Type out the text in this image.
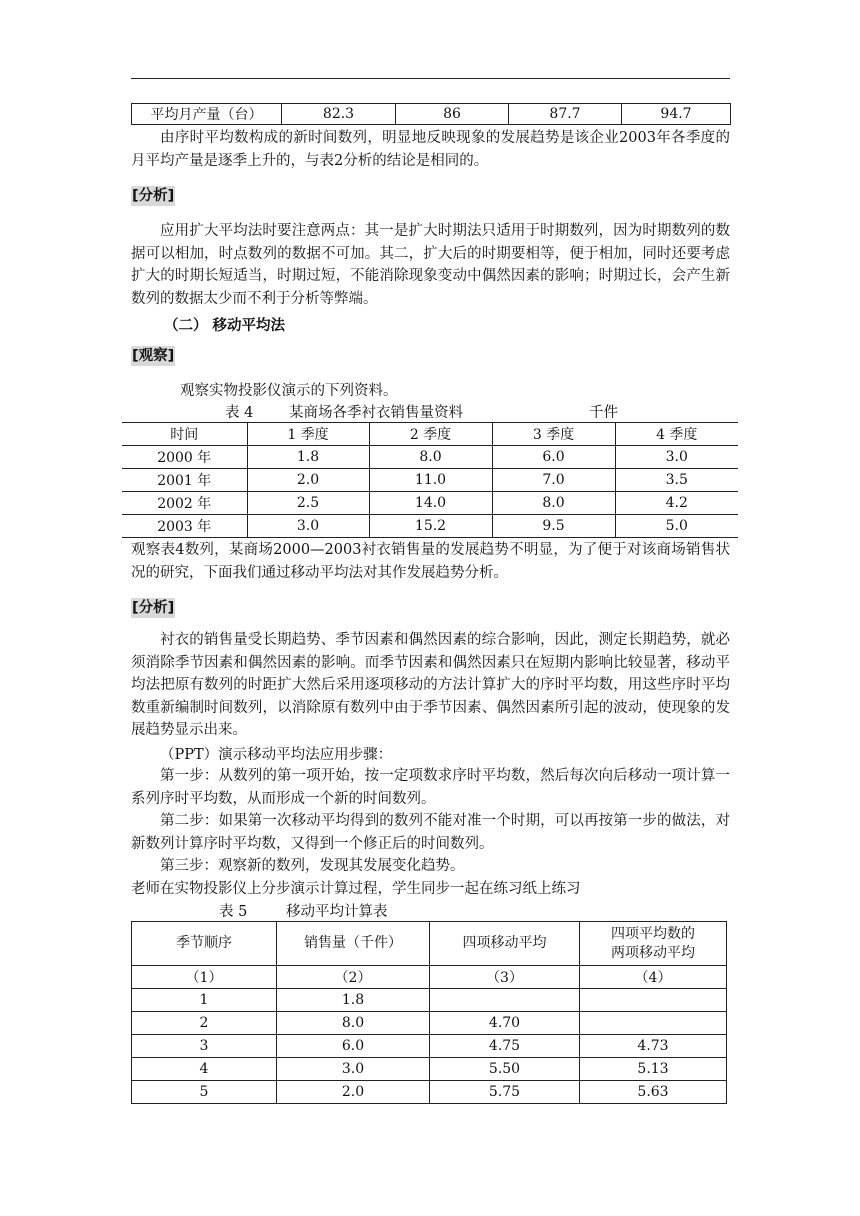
平均月产量（台）	82.3	86	87.7	94.7

由序时平均数构成的新时间数列，明显地反映现象的发展趋势是该企业2003年各季度的月平均产量是逐季上升的，与表2分析的结论是相同的。

[分析]

应用扩大平均法时要注意两点：其一是扩大时期法只适用于时期数列，因为时期数列的数据可以相加，时点数列的数据不可加。其二，扩大后的时期要相等，便于相加，同时还要考虑扩大的时期长短适当，时期过短，不能消除现象变动中偶然因素的影响；时期过长，会产生新数列的数据太少而不利于分析等弊端。

（二） 移动平均法
[观察]
观察实物投影仪演示的下列资料。
表 4 某商场各季衬衣销售量资料	千件
时间	1 季度	2 季度	3 季度	4 季度
2000 年	1.8	8.0	6.0	3.0
2001 年	2.0	11.0	7.0	3.5
2002 年	2.5	14.0	8.0	4.2
2003 年	3.0	15.2	9.5	5.0

观察表4数列，某商场2000—2003衬衣销售量的发展趋势不明显，为了便于对该商场销售状况的研究，下面我们通过移动平均法对其作发展趋势分析。

[分析]

衬衣的销售量受长期趋势、季节因素和偶然因素的综合影响，因此，测定长期趋势，就必须消除季节因素和偶然因素的影响。而季节因素和偶然因素只在短期内影响比较显著，移动平均法把原有数列的时距扩大然后采用逐项移动的方法计算扩大的序时平均数，用这些序时平均数重新编制时间数列，以消除原有数列中由于季节因素、偶然因素所引起的波动，使现象的发展趋势显示出来。

（PPT）演示移动平均法应用步骤：

第一步：从数列的第一项开始，按一定项数求序时平均数，然后每次向后移动一项计算一系列序时平均数，从而形成一个新的时间数列。

第二步：如果第一次移动平均得到的数列不能对准一个时期，可以再按第一步的做法，对新数列计算序时平均数，又得到一个修正后的时间数列。

第三步：观察新的数列，发现其发展变化趋势。

老师在实物投影仪上分步演示计算过程，学生同步一起在练习纸上练习
表 5	移动平均计算表
季节顺序	销售量（千件）	四项移动平均	四项平均数的
两项移动平均

（1）	（2）	（3）	（4）
1	1.8		
2	8.0	4.70	
3	6.0	4.75	4.73
4	3.0	5.50	5.13
5	2.0	5.75	5.63
